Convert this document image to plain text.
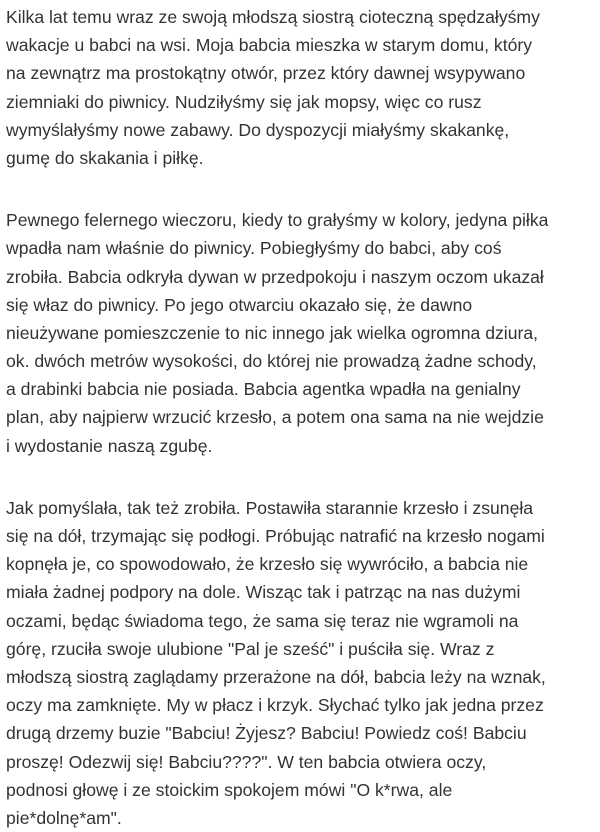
Kilka lat temu wraz ze swoją młodszą siostrą cioteczną spędzałyśmy
wakacje u babci na wsi. Moja babcia mieszka w starym domu, który
na zewnątrz ma prostokątny otwór, przez który dawnej wsypywano
ziemniaki do piwnicy. Nudziłyśmy się jak mopsy, więc co rusz
wymyślałyśmy nowe zabawy. Do dyspozycji miałyśmy skakankę,
gumę do skakania i piłkę.
Pewnego felernego wieczoru, kiedy to grałyśmy w kolory, jedyna piłka
wpadła nam właśnie do piwnicy. Pobiegłyśmy do babci, aby coś
zrobiła. Babcia odkryła dywan w przedpokoju i naszym oczom ukazał
się właz do piwnicy. Po jego otwarciu okazało się, że dawno
nieużywane pomieszczenie to nic innego jak wielka ogromna dziura,
ok. dwóch metrów wysokości, do której nie prowadzą żadne schody,
a drabinki babcia nie posiada. Babcia agentka wpadła na genialny
plan, aby najpierw wrzucić krzesło, a potem ona sama na nie wejdzie
i wydostanie naszą zgubę.
Jak pomyślała, tak też zrobiła. Postawiła starannie krzesło i zsunęła
się na dół, trzymając się podłogi. Próbując natrafić na krzesło nogami
kopnęła je, co spowodowało, że krzesło się wywróciło, a babcia nie
miała żadnej podpory na dole. Wisząc tak i patrząc na nas dużymi
oczami, będąc świadoma tego, że sama się teraz nie wgramoli na
górę, rzuciła swoje ulubione "Pal je sześć" i puściła się. Wraz z
młodszą siostrą zaglądamy przerażone na dół, babcia leży na wznak,
oczy ma zamknięte. My w płacz i krzyk. Słychać tylko jak jedna przez
drugą drzemy buzie "Babciu! Żyjesz? Babciu! Powiedz coś! Babciu
proszę! Odezwij się! Babciu????". W ten babcia otwiera oczy,
podnosi głowę i ze stoickim spokojem mówi "O k*rwa, ale
pie*dolnę*am".
